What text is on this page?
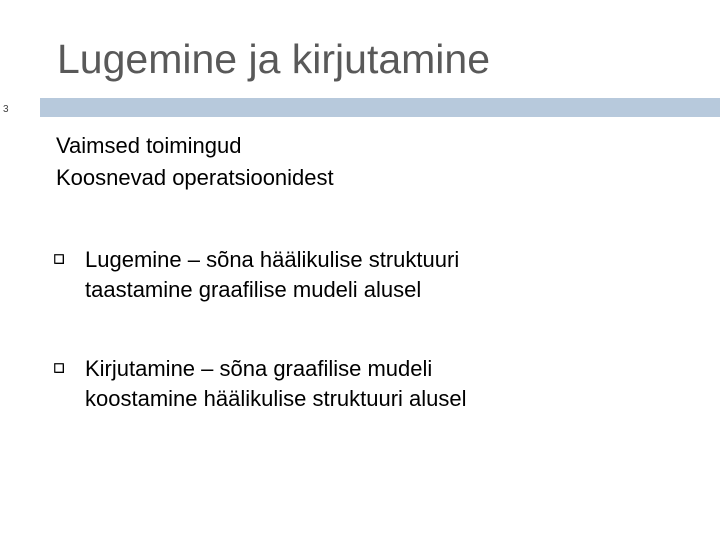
Lugemine ja kirjutamine
3
Vaimsed toimingud
Koosnevad operatsioonidest
Lugemine – sõna häälikulise struktuuri
taastamine graafilise mudeli alusel
Kirjutamine – sõna graafilise mudeli
koostamine häälikulise struktuuri alusel
